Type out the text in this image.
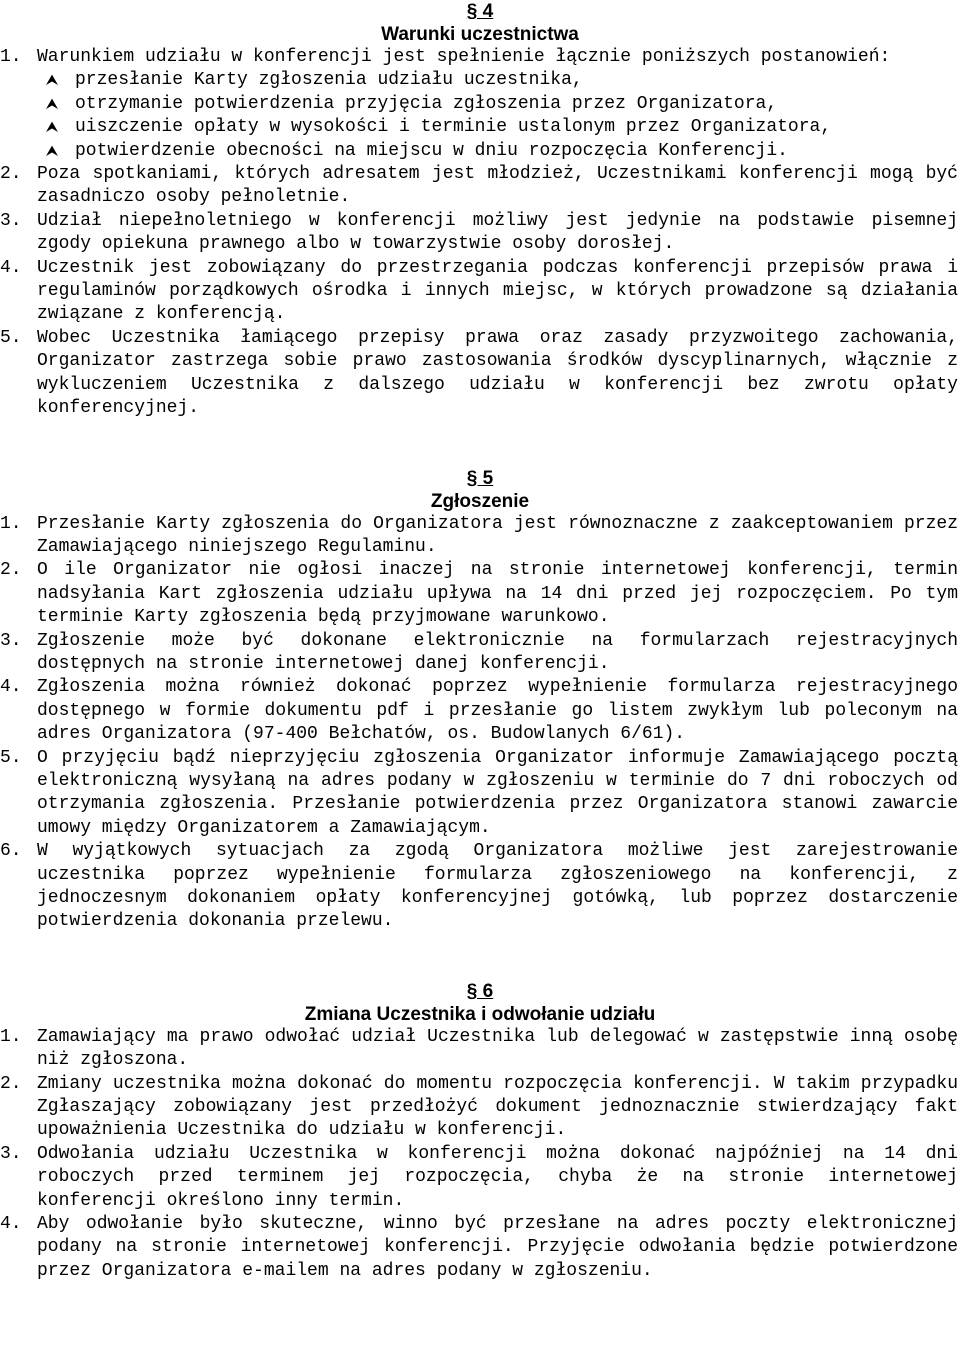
§ 4
Warunki uczestnictwa
1. Warunkiem udziału w konferencji jest spełnienie łącznie poniższych postanowień:
⮝ przesłanie Karty zgłoszenia udziału uczestnika,
⮝ otrzymanie potwierdzenia przyjęcia zgłoszenia przez Organizatora,
⮝ uiszczenie opłaty w wysokości i terminie ustalonym przez Organizatora,
⮝ potwierdzenie obecności na miejscu w dniu rozpoczęcia Konferencji.
2. Poza spotkaniami, których adresatem jest młodzież, Uczestnikami konferencji mogą być zasadniczo osoby pełnoletnie.
3. Udział niepełnoletniego w konferencji możliwy jest jedynie na podstawie pisemnej zgody opiekuna prawnego albo w towarzystwie osoby dorosłej.
4. Uczestnik jest zobowiązany do przestrzegania podczas konferencji przepisów prawa i regulaminów porządkowych ośrodka i innych miejsc, w których prowadzone są działania związane z konferencją.
5. Wobec Uczestnika łamiącego przepisy prawa oraz zasady przyzwoitego zachowania, Organizator zastrzega sobie prawo zastosowania środków dyscyplinarnych, włącznie z wykluczeniem Uczestnika z dalszego udziału w konferencji bez zwrotu opłaty konferencyjnej.
§ 5
Zgłoszenie
1. Przesłanie Karty zgłoszenia do Organizatora jest równoznaczne z zaakceptowaniem przez Zamawiającego niniejszego Regulaminu.
2. O ile Organizator nie ogłosi inaczej na stronie internetowej konferencji, termin nadsyłania Kart zgłoszenia udziału upływa na 14 dni przed jej rozpoczęciem. Po tym terminie Karty zgłoszenia będą przyjmowane warunkowo.
3. Zgłoszenie może być dokonane elektronicznie na formularzach rejestracyjnych dostępnych na stronie internetowej danej konferencji.
4. Zgłoszenia można również dokonać poprzez wypełnienie formularza rejestracyjnego dostępnego w formie dokumentu pdf i przesłanie go listem zwykłym lub poleconym na adres Organizatora (97-400 Bełchatów, os. Budowlanych 6/61).
5. O przyjęciu bądź nieprzyjęciu zgłoszenia Organizator informuje Zamawiającego pocztą elektroniczną wysyłaną na adres podany w zgłoszeniu w terminie do 7 dni roboczych od otrzymania zgłoszenia. Przesłanie potwierdzenia przez Organizatora stanowi zawarcie umowy między Organizatorem a Zamawiającym.
6. W wyjątkowych sytuacjach za zgodą Organizatora możliwe jest zarejestrowanie uczestnika poprzez wypełnienie formularza zgłoszeniowego na konferencji, z jednoczesnym dokonaniem opłaty konferencyjnej gotówką, lub poprzez dostarczenie potwierdzenia dokonania przelewu.
§ 6
Zmiana Uczestnika i odwołanie udziału
1. Zamawiający ma prawo odwołać udział Uczestnika lub delegować w zastępstwie inną osobę niż zgłoszona.
2. Zmiany uczestnika można dokonać do momentu rozpoczęcia konferencji. W takim przypadku Zgłaszający zobowiązany jest przedłożyć dokument jednoznacznie stwierdzający fakt upoważnienia Uczestnika do udziału w konferencji.
3. Odwołania udziału Uczestnika w konferencji można dokonać najpóźniej na 14 dni roboczych przed terminem jej rozpoczęcia, chyba że na stronie internetowej konferencji określono inny termin.
4. Aby odwołanie było skuteczne, winno być przesłane na adres poczty elektronicznej podany na stronie internetowej konferencji. Przyjęcie odwołania będzie potwierdzone przez Organizatora e-mailem na adres podany w zgłoszeniu.
